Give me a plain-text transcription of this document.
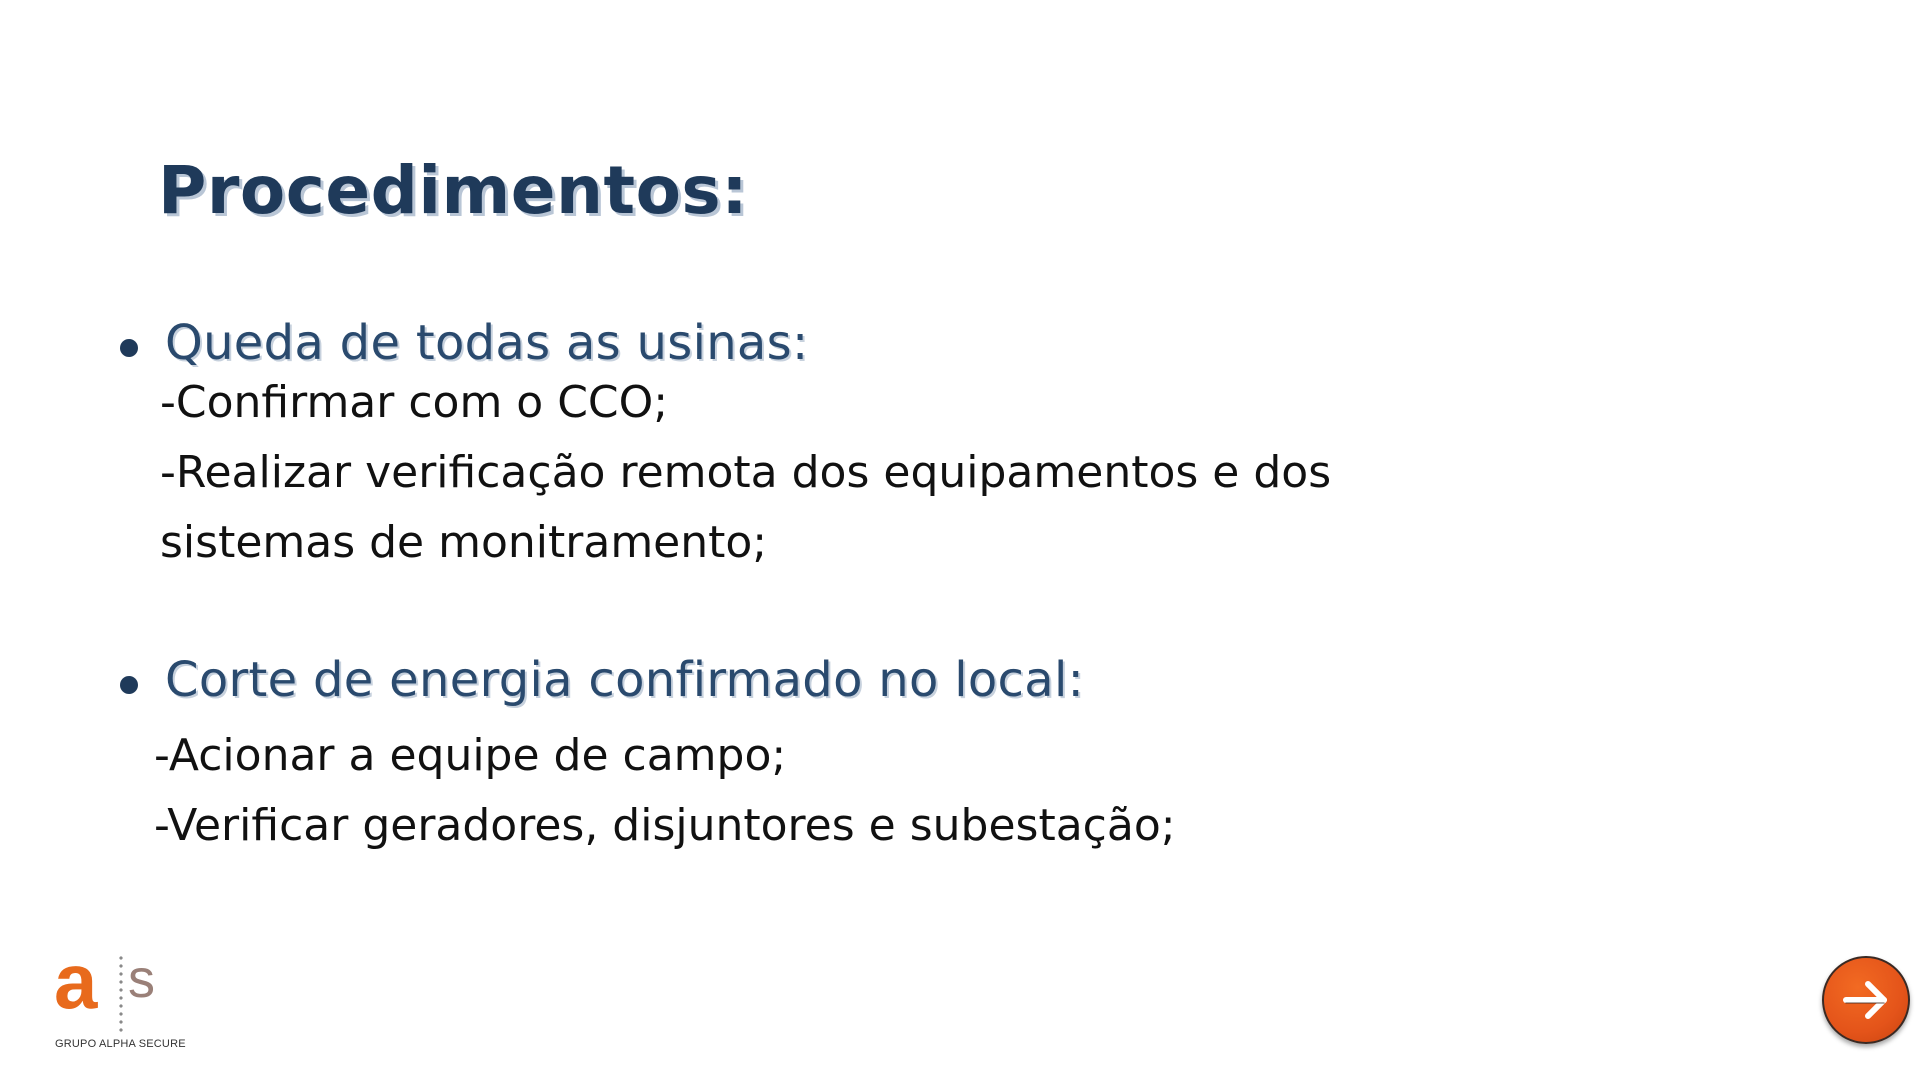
Procedimentos:
Queda de todas as usinas:
-Confirmar com o CCO;
-Realizar verificação remota dos equipamentos e dos
sistemas de monitramento;
Corte de energia confirmado no local:
-Acionar a equipe de campo;
-Verificar geradores, disjuntores e subestação;
a s
GRUPO ALPHA SECURE
